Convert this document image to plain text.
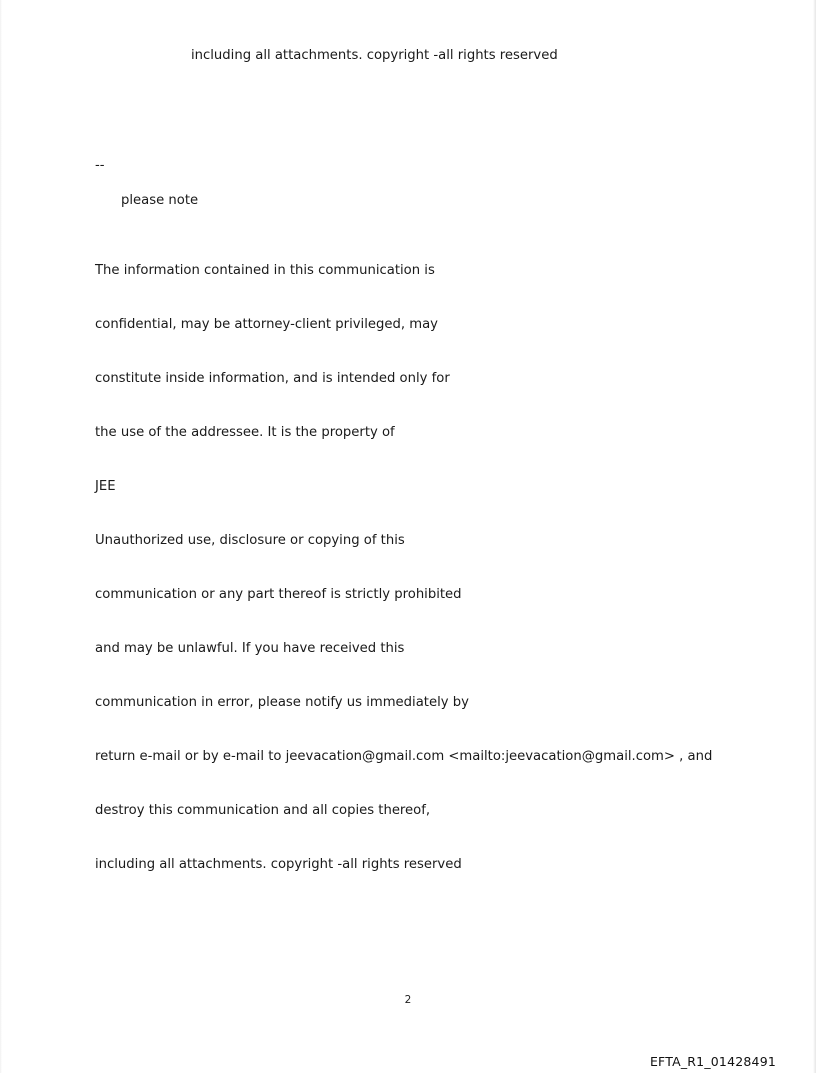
including all attachments. copyright -all rights reserved
--
please note

The information contained in this communication is

confidential, may be attorney-client privileged, may

constitute inside information, and is intended only for

the use of the addressee. It is the property of

JEE

Unauthorized use, disclosure or copying of this

communication or any part thereof is strictly prohibited

and may be unlawful. If you have received this

communication in error, please notify us immediately by

return e-mail or by e-mail to jeevacation@gmail.com <mailto:jeevacation@gmail.com> , and

destroy this communication and all copies thereof,

including all attachments. copyright -all rights reserved

2
EFTA_R1_01428491
